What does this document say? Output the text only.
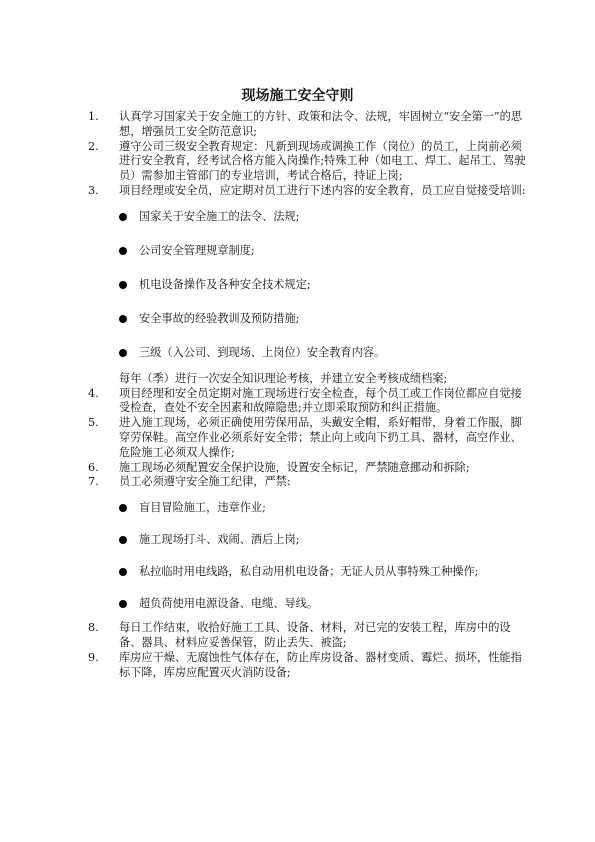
现场施工安全守则
1. 认真学习国家关于安全施工的方针、政策和法令、法规，牢固树立“安全第一”的思想，增强员工安全防范意识;
2. 遵守公司三级安全教育规定：凡新到现场或调换工作（岗位）的员工，上岗前必须进行安全教育，经考试合格方能入岗操作;特殊工种（如电工、焊工、起吊工、驾驶员）需参加主管部门的专业培训，考试合格后，持证上岗;
3. 项目经理或安全员，应定期对员工进行下述内容的安全教育，员工应自觉接受培训:
国家关于安全施工的法令、法规;
公司安全管理规章制度;
机电设备操作及各种安全技术规定;
安全事故的经验教训及预防措施;
三级（入公司、到现场、上岗位）安全教育内容。
每年（季）进行一次安全知识理论考核，并建立安全考核成绩档案;
4. 项目经理和安全员定期对施工现场进行安全检查，每个员工或工作岗位都应自觉接受检查，查处不安全因素和故障隐患;并立即采取预防和纠正措施。
5. 进入施工现场，必须正确使用劳保用品，头戴安全帽，系好帽带，身着工作服，脚穿劳保鞋。高空作业必须系好安全带；禁止向上或向下扔工具、器材，高空作业、危险施工必须双人操作;
6. 施工现场必须配置安全保护设施，设置安全标记，严禁随意挪动和拆除;
7. 员工必须遵守安全施工纪律，严禁:
盲目冒险施工，违章作业;
施工现场打斗、戏闹、酒后上岗;
私拉临时用电线路，私自动用机电设备；无证人员从事特殊工种操作;
超负荷使用电源设备、电缆、导线。
8. 每日工作结束，收拾好施工工具、设备、材料，对已完的安装工程，库房中的设备、器具、材料应妥善保管，防止丢失、被盗;
9. 库房应干燥、无腐蚀性气体存在，防止库房设备、器材变质、霉烂、损坏，性能指标下降，库房应配置灭火消防设备;
